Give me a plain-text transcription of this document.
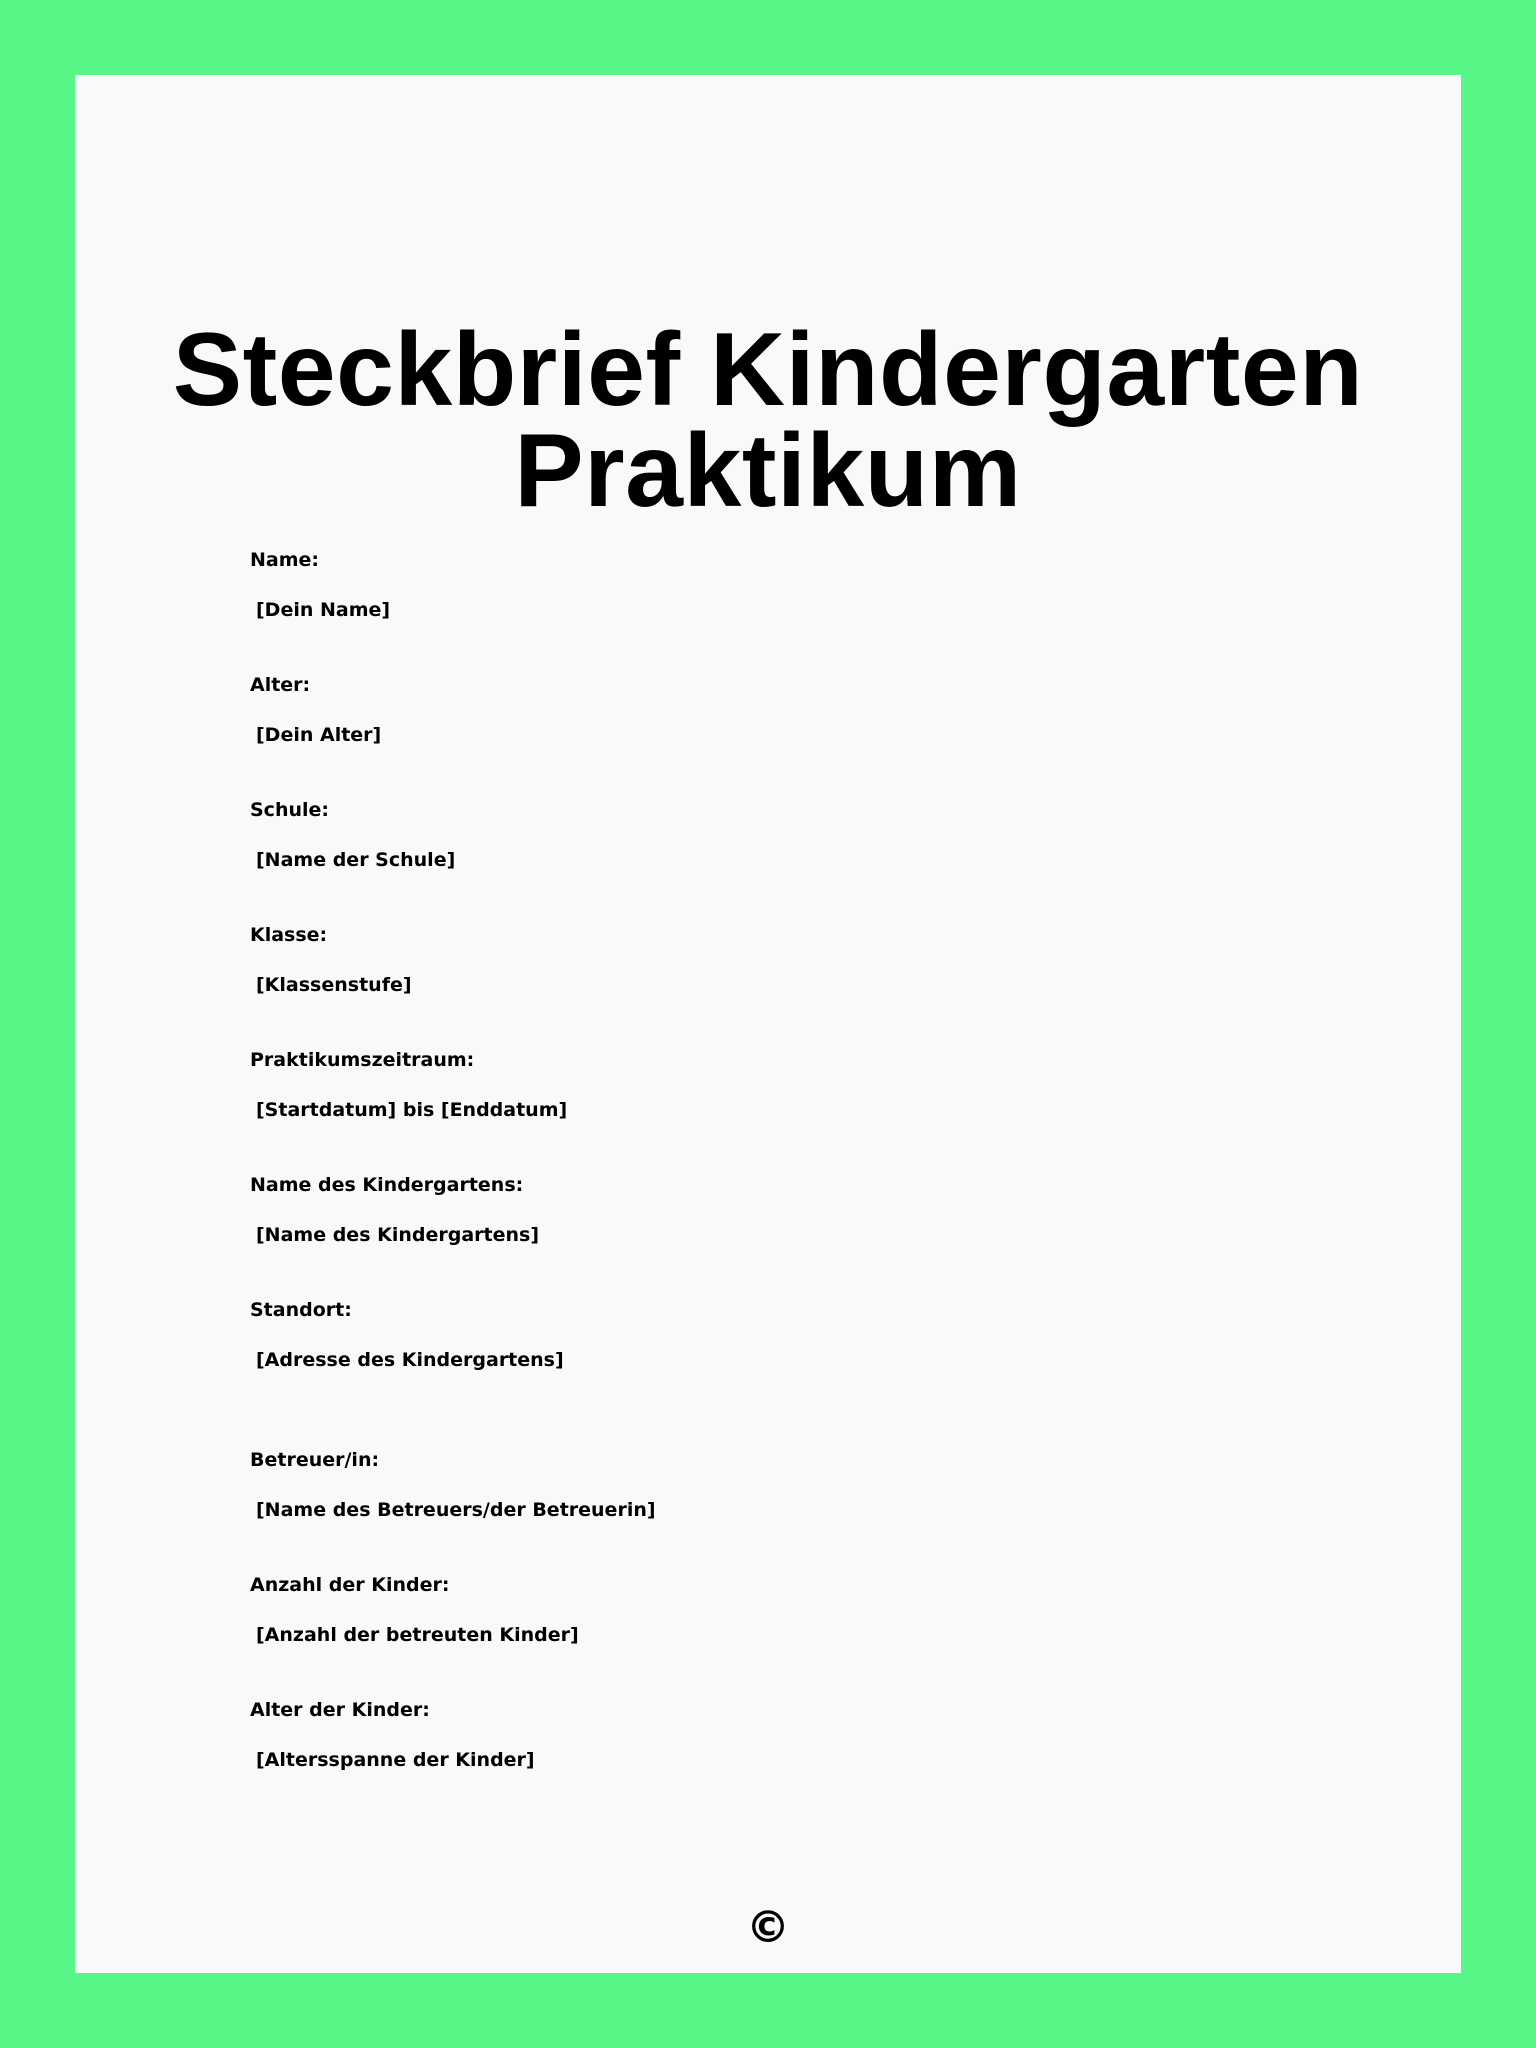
Steckbrief Kindergarten
Praktikum
Name:
[Dein Name]
Alter:
[Dein Alter]
Schule:
[Name der Schule]
Klasse:
[Klassenstufe]
Praktikumszeitraum:
[Startdatum] bis [Enddatum]
Name des Kindergartens:
[Name des Kindergartens]
Standort:
[Adresse des Kindergartens]
Betreuer/in:
[Name des Betreuers/der Betreuerin]
Anzahl der Kinder:
[Anzahl der betreuten Kinder]
Alter der Kinder:
[Altersspanne der Kinder]
©
